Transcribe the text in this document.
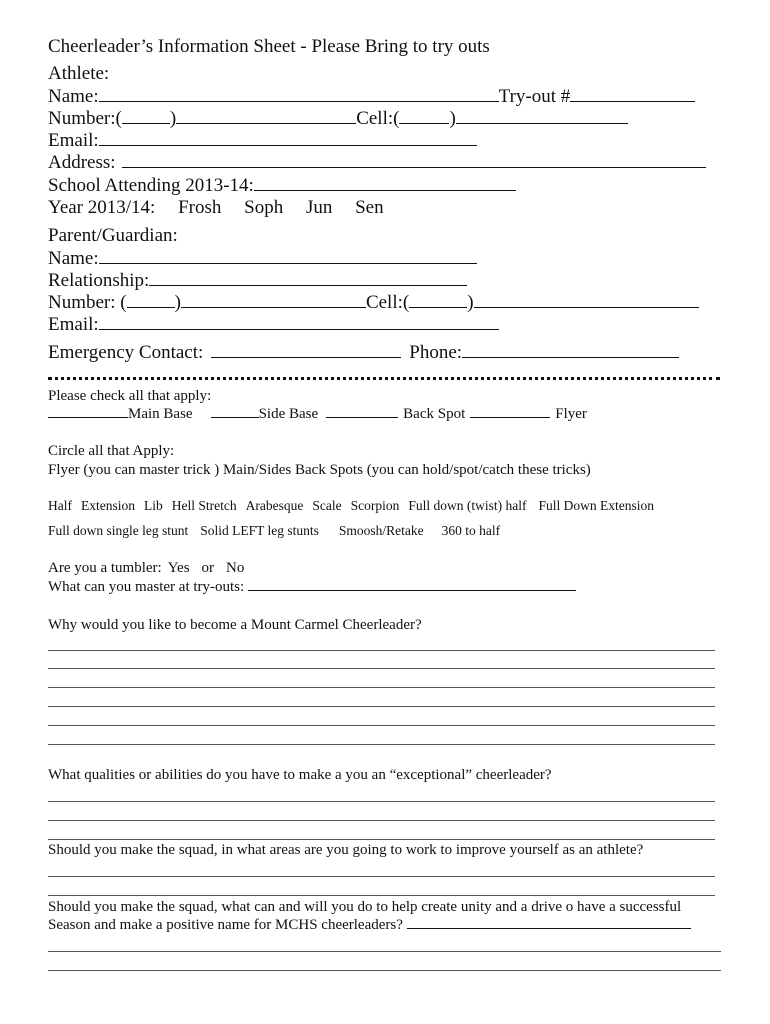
Cheerleader’s Information Sheet - Please Bring to try outs
Athlete:
Name:	Try-out #
Number:(	)	Cell:(	)
Email:
Address:
School Attending 2013-14:
Year 2013/14: Frosh Soph Jun Sen
Parent/Guardian:
Name:
Relationship:
Number: (	)	Cell:(	)
Email:
Emergency Contact:	Phone:
Please check all that apply:
Main Base	Side Base	Back Spot	Flyer
Circle all that Apply:
Flyer (you can master trick ) Main/Sides Back Spots (you can hold/spot/catch these tricks)
Half Extension Lib Hell Stretch Arabesque Scale Scorpion Full down (twist) half Full Down Extension
Full down single leg stunt Solid LEFT leg stunts Smoosh/Retake 360 to half
Are you a tumbler: Yes or No
What can you master at try-outs:
Why would you like to become a Mount Carmel Cheerleader?
What qualities or abilities do you have to make a you an “exceptional” cheerleader?
Should you make the squad, in what areas are you going to work to improve yourself as an athlete?
Should you make the squad, what can and will you do to help create unity and a drive o have a successful
Season and make a positive name for MCHS cheerleaders?
